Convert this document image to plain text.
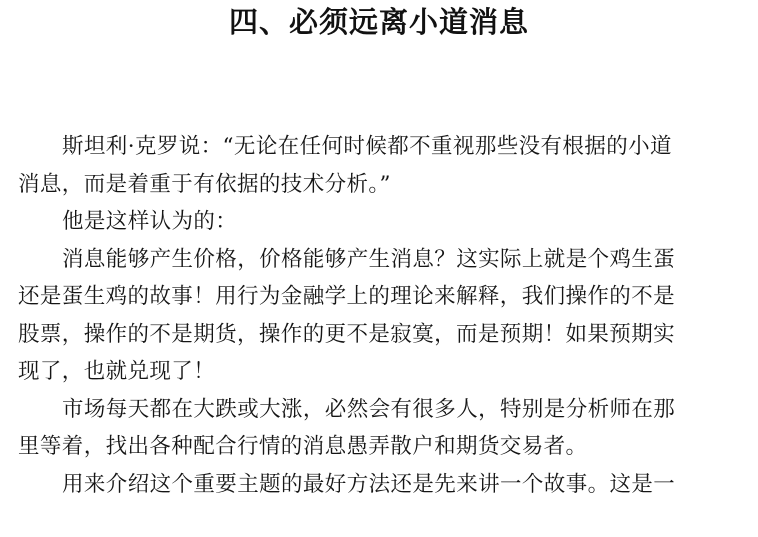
四、必须远离小道消息

斯坦利·克罗说：“无论在任何时候都不重视那些没有根据的小道
消息，而是着重于有依据的技术分析。”

他是这样认为的：

消息能够产生价格，价格能够产生消息？这实际上就是个鸡生蛋
还是蛋生鸡的故事！用行为金融学上的理论来解释，我们操作的不是
股票，操作的不是期货，操作的更不是寂寞，而是预期！如果预期实
现了，也就兑现了！

市场每天都在大跌或大涨，必然会有很多人，特别是分析师在那
里等着，找出各种配合行情的消息愚弄散户和期货交易者。

用来介绍这个重要主题的最好方法还是先来讲一个故事。这是一
